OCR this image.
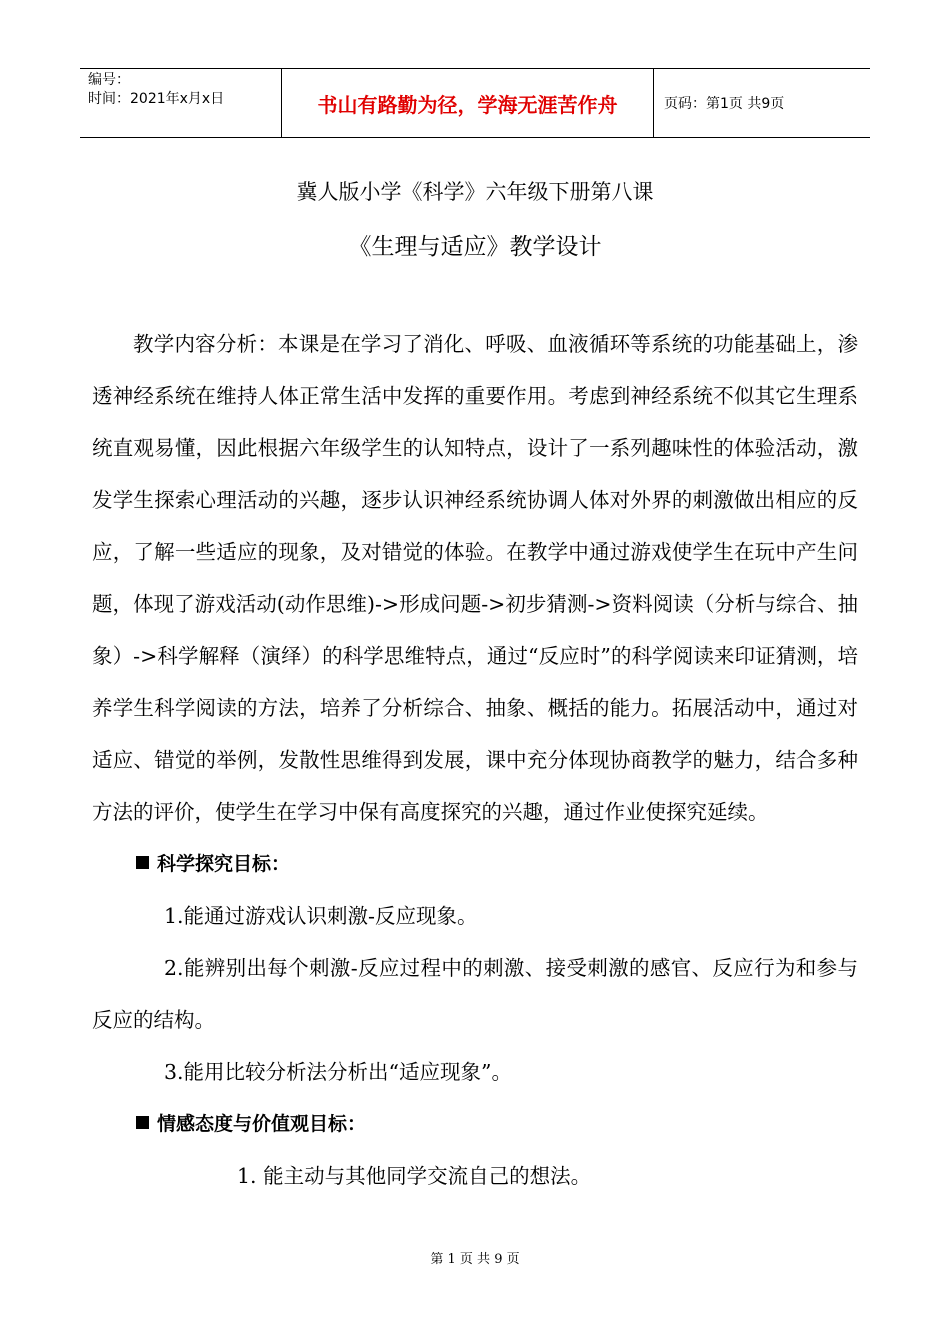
编号：
时间：2021年x月x日	书山有路勤为径，学海无涯苦作舟	页码：第1页 共9页
冀人版小学《科学》六年级下册第八课
《生理与适应》教学设计

教学内容分析：本课是在学习了消化、呼吸、血液循环等系统的功能基础上，渗透神经系统在维持人体正常生活中发挥的重要作用。考虑到神经系统不似其它生理系统直观易懂，因此根据六年级学生的认知特点，设计了一系列趣味性的体验活动，激发学生探索心理活动的兴趣，逐步认识神经系统协调人体对外界的刺激做出相应的反应，了解一些适应的现象，及对错觉的体验。在教学中通过游戏使学生在玩中产生问题，体现了游戏活动(动作思维)->形成问题->初步猜测->资料阅读（分析与综合、抽象）->科学解释（演绎）的科学思维特点，通过“反应时”的科学阅读来印证猜测，培养学生科学阅读的方法，培养了分析综合、抽象、概括的能力。拓展活动中，通过对适应、错觉的举例，发散性思维得到发展，课中充分体现协商教学的魅力，结合多种方法的评价，使学生在学习中保有高度探究的兴趣，通过作业使探究延续。

科学探究目标：

1.能通过游戏认识刺激-反应现象。

2.能辨别出每个刺激-反应过程中的刺激、接受刺激的感官、反应行为和参与反应的结构。

3.能用比较分析法分析出“适应现象”。

情感态度与价值观目标：

1. 能主动与其他同学交流自己的想法。

第 1 页 共 9 页
